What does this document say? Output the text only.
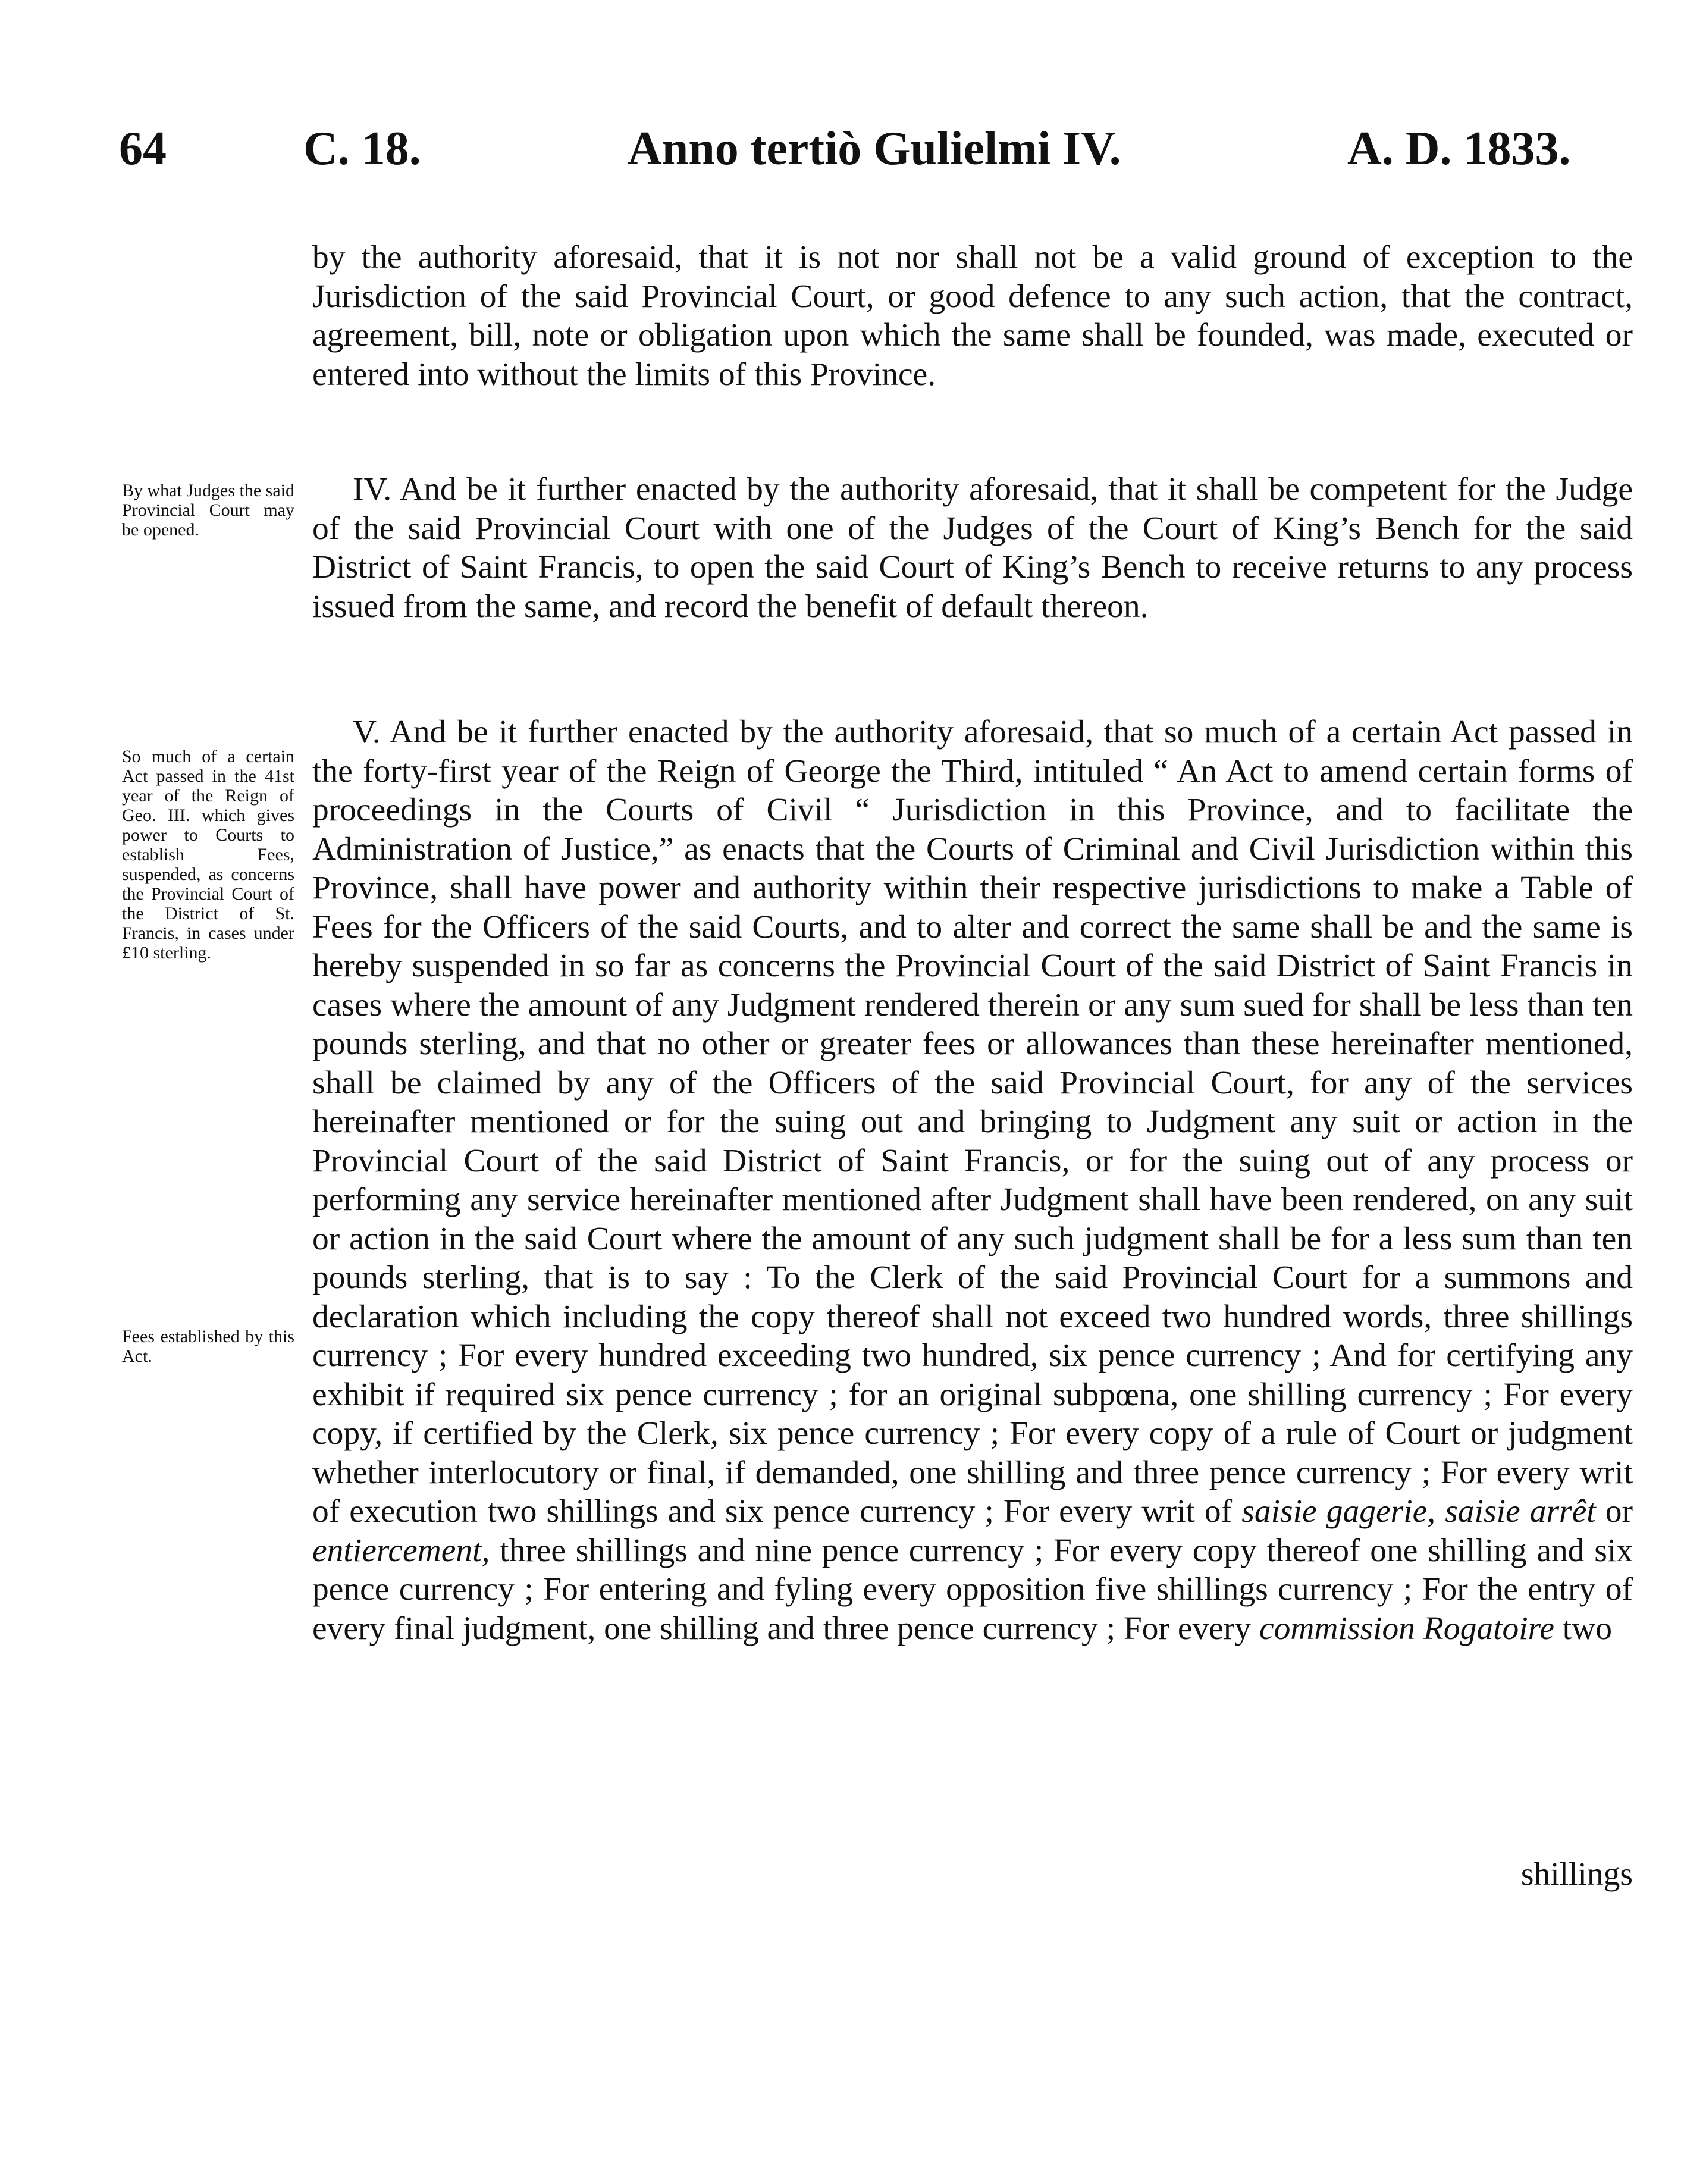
64	C. 18.	Anno tertiò Gulielmi IV.	A. D. 1833.

by the authority aforesaid, that it is not nor shall not be a valid ground of exception to the Jurisdiction of the said Provincial Court, or good defence to any such action, that the contract, agreement, bill, note or obligation upon which the same shall be founded, was made, executed or entered into without the limits of this Province.

By what Judges the said Provincial Court may be opened.

IV. And be it further enacted by the authority aforesaid, that it shall be competent for the Judge of the said Provincial Court with one of the Judges of the Court of King’s Bench for the said District of Saint Francis, to open the said Court of King’s Bench to receive returns to any process issued from the same, and record the benefit of default thereon.

So much of a certain Act passed in the 41st year of the Reign of Geo. III. which gives power to Courts to establish Fees, suspended, as concerns the Provincial Court of the District of St. Francis, in cases under £10 sterling.
Fees established by this Act.

V. And be it further enacted by the authority aforesaid, that so much of a certain Act passed in the forty-first year of the Reign of George the Third, intituled “ An Act to amend certain forms of proceedings in the Courts of Civil “ Jurisdiction in this Province, and to facilitate the Administration of Justice,” as enacts that the Courts of Criminal and Civil Jurisdiction within this Province, shall have power and authority within their respective jurisdictions to make a Table of Fees for the Officers of the said Courts, and to alter and correct the same shall be and the same is hereby suspended in so far as concerns the Provincial Court of the said District of Saint Francis in cases where the amount of any Judgment rendered therein or any sum sued for shall be less than ten pounds sterling, and that no other or greater fees or allowances than these hereinafter mentioned, shall be claimed by any of the Officers of the said Provincial Court, for any of the services hereinafter mentioned or for the suing out and bringing to Judgment any suit or action in the Provincial Court of the said District of Saint Francis, or for the suing out of any process or performing any service hereinafter mentioned after Judgment shall have been rendered, on any suit or action in the said Court where the amount of any such judgment shall be for a less sum than ten pounds sterling, that is to say : To the Clerk of the said Provincial Court for a summons and declaration which including the copy thereof shall not exceed two hundred words, three shillings currency ; For every hundred exceeding two hundred, six pence currency ; And for certifying any exhibit if required six pence currency ; for an original subpœna, one shilling currency ; For every copy, if certified by the Clerk, six pence currency ; For every copy of a rule of Court or judgment whether interlocutory or final, if demanded, one shilling and three pence currency ; For every writ of execution two shillings and six pence currency ; For every writ of saisie gagerie, saisie arrêt or entiercement, three shillings and nine pence currency ; For every copy thereof one shilling and six pence currency ; For entering and fyling every opposition five shillings currency ; For the entry of every final judgment, one shilling and three pence currency ; For every commission Rogatoire two

shillings
